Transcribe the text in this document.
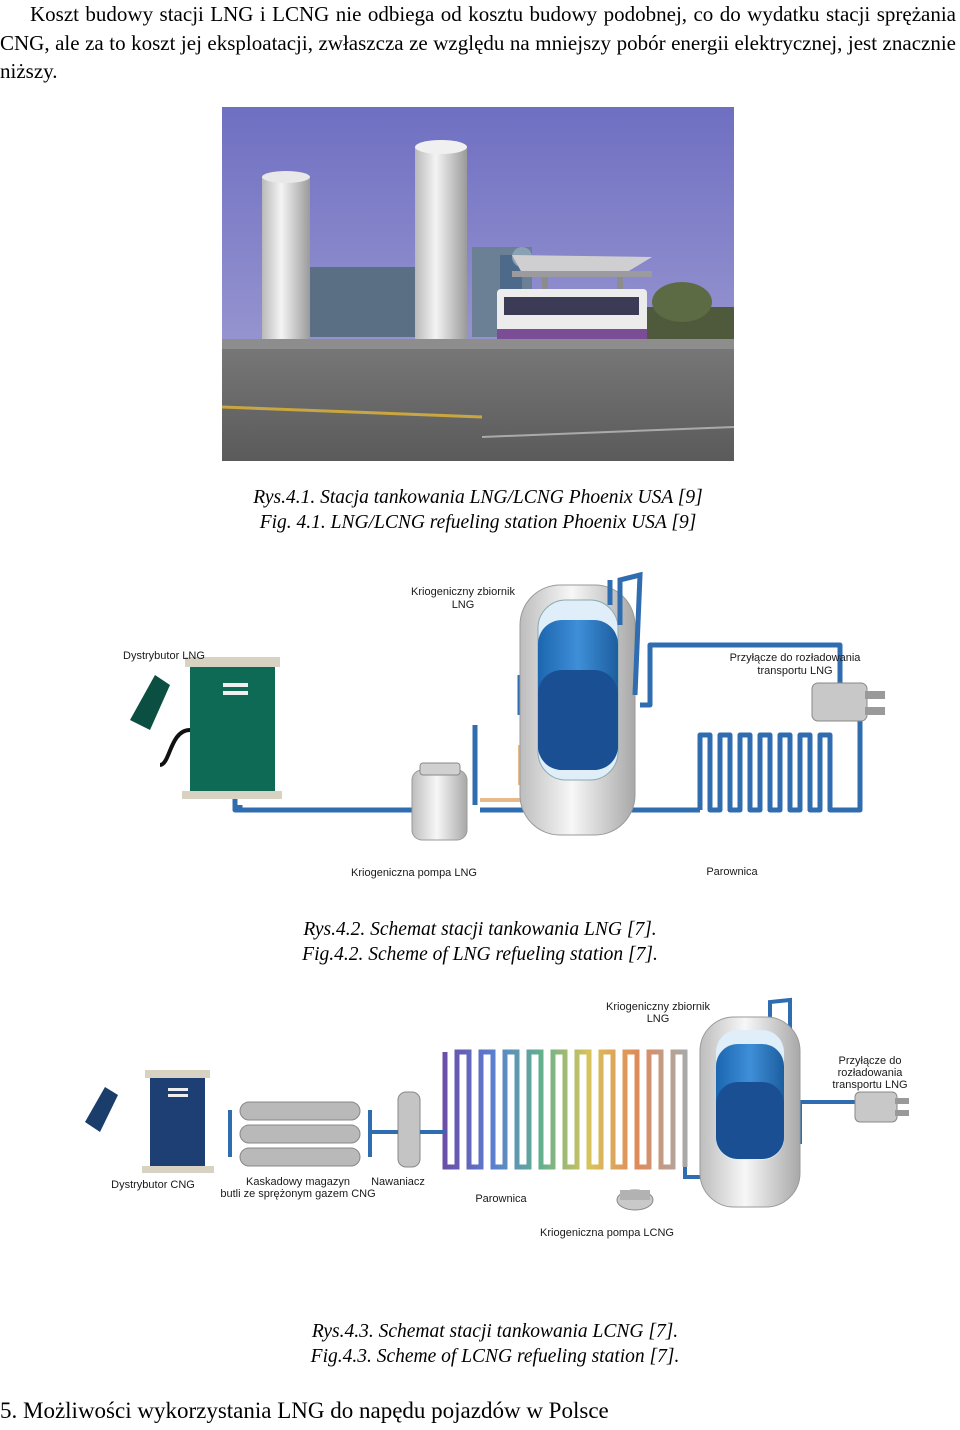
Koszt budowy stacji LNG i LCNG nie odbiega od kosztu budowy podobnej, co do wydatku stacji sprężania CNG, ale za to koszt jej eksploatacji, zwłaszcza ze względu na mniejszy pobór energii elektrycznej, jest znacznie niższy.

Rys.4.1. Stacja tankowania LNG/LCNG Phoenix USA [9]
Fig. 4.1. LNG/LCNG refueling station Phoenix USA [9]
Kriogeniczny zbiornik
LNG
Dystrybutor LNG	Przyłącze do rozładowania
transportu LNG
Kriogeniczna pompa LNG	Parownica
Rys.4.2. Schemat stacji tankowania LNG [7].
Fig.4.2. Scheme of LNG refueling station [7].
Kriogeniczny zbiornik
LNG
Przyłącze do
rozładowania
transportu LNG
Dystrybutor CNG	Kaskadowy magazyn
butli ze sprężonym gazem CNG
Nawaniacz
Parownica
Kriogeniczna pompa LCNG
Rys.4.3. Schemat stacji tankowania LCNG [7].
Fig.4.3. Scheme of LCNG refueling station [7].
5. Możliwości wykorzystania LNG do napędu pojazdów w Polsce
